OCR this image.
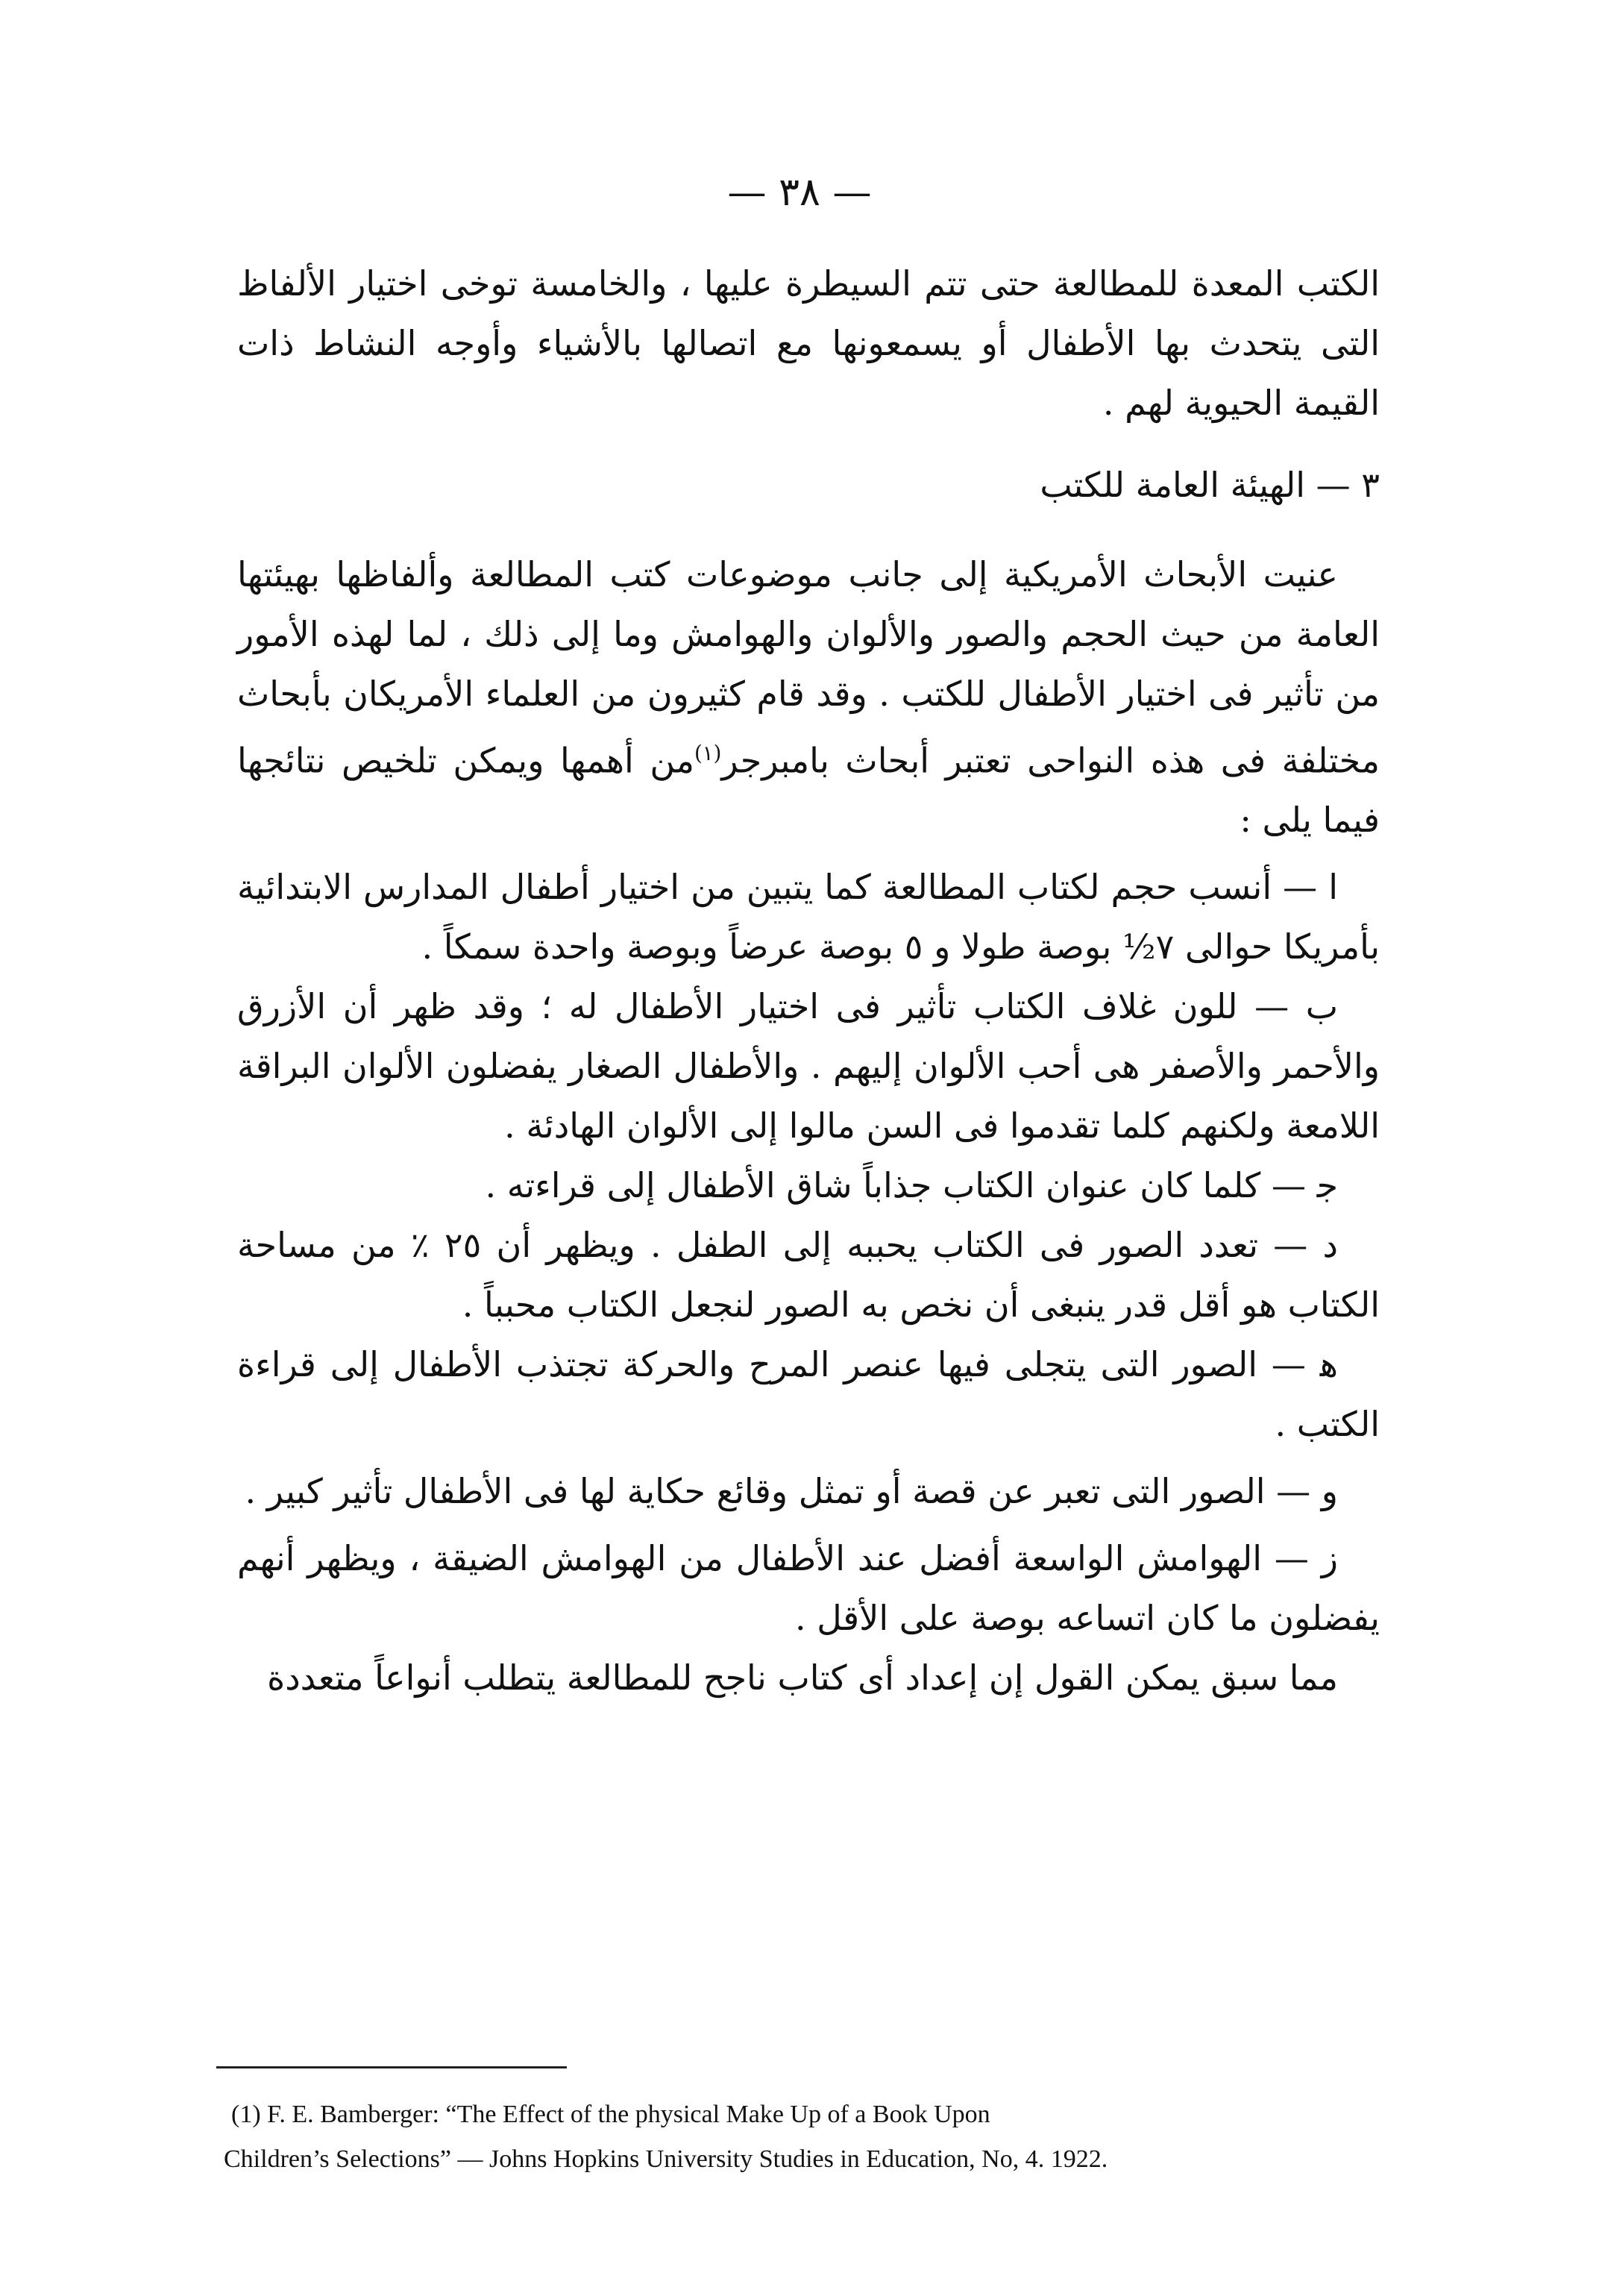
— ٣٨ —

الكتب المعدة للمطالعة حتى تتم السيطرة عليها ، والخامسة توخى اختيار الألفاظ التى يتحدث بها الأطفال أو يسمعونها مع اتصالها بالأشياء وأوجه النشاط ذات القيمة الحيوية لهم .

٣ — الهيئة العامة للكتب

عنيت الأبحاث الأمريكية إلى جانب موضوعات كتب المطالعة وألفاظها بهيئتها العامة من حيث الحجم والصور والألوان والهوامش وما إلى ذلك ، لما لهذه الأمور من تأثير فى اختيار الأطفال للكتب . وقد قام كثيرون من العلماء الأمريكان بأبحاث مختلفة فى هذه النواحى تعتبر أبحاث بامبرجر$^{(١)}$من أهمها ويمكن تلخيص نتائجها فيما يلى :

ا — أنسب حجم لكتاب المطالعة كما يتبين من اختيار أطفال المدارس الابتدائية بأمريكا حوالى ٧½ بوصة طولا و ٥ بوصة عرضاً وبوصة واحدة سمكاً .

ب — للون غلاف الكتاب تأثير فى اختيار الأطفال له ؛ وقد ظهر أن الأزرق والأحمر والأصفر هى أحب الألوان إليهم . والأطفال الصغار يفضلون الألوان البراقة اللامعة ولكنهم كلما تقدموا فى السن مالوا إلى الألوان الهادئة .

ﺟ — كلما كان عنوان الكتاب جذاباً شاق الأطفال إلى قراءته .

د — تعدد الصور فى الكتاب يحببه إلى الطفل . ويظهر أن ٢٥ ٪ من مساحة الكتاب هو أقل قدر ينبغى أن نخص به الصور لنجعل الكتاب محبباً .

ﻫ — الصور التى يتجلى فيها عنصر المرح والحركة تجتذب الأطفال إلى قراءة الكتب .

و — الصور التى تعبر عن قصة أو تمثل وقائع حكاية لها فى الأطفال تأثير كبير .

ز — الهوامش الواسعة أفضل عند الأطفال من الهوامش الضيقة ، ويظهر أنهم يفضلون ما كان اتساعه بوصة على الأقل .

مما سبق يمكن القول إن إعداد أى كتاب ناجح للمطالعة يتطلب أنواعاً متعددة

(1) F. E. Bamberger: “The Effect of the physical Make Up of a Book Upon

Children’s Selections” — Johns Hopkins University Studies in Education, No, 4. 1922.
